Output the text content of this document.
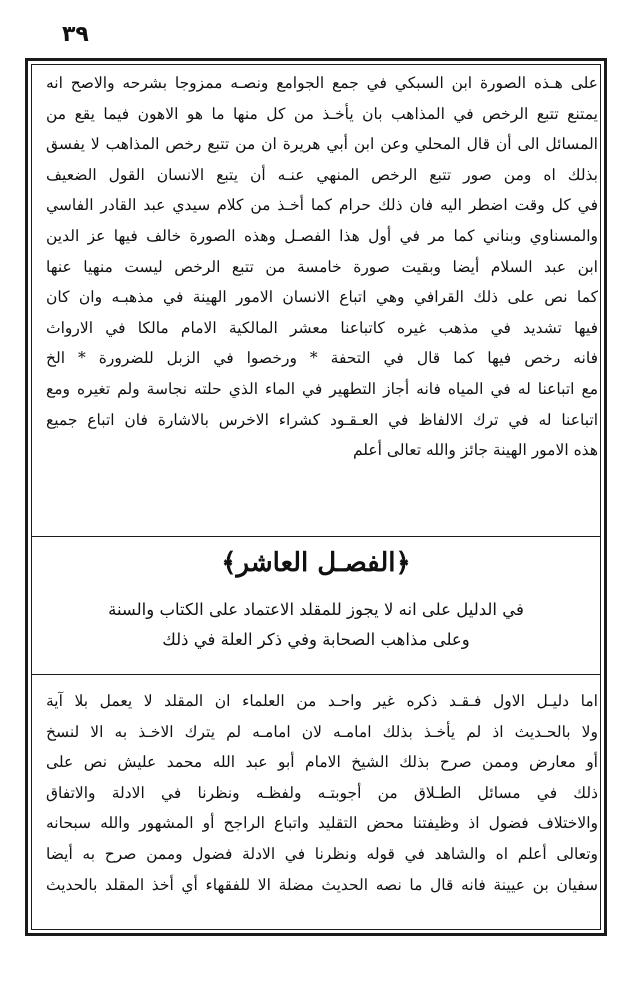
٣٩
على هـذه الصورة ابن السبكي في جمع الجوامع ونصـه ممزوجا بشرحه والاصح انه
يمتنع تتبع الرخص في المذاهب بان يأخـذ من كل منها ما هو الاهون فيما يقع من
المسائل الى أن قال المحلي وعن ابن أبي هريرة ان من تتبع رخص المذاهب لا يفسق
بذلك اه ومن صور تتبع الرخص المنهي عنـه أن يتبع الانسان القول الضعيف
في كل وقت اضطر اليه فان ذلك حرام كما أخـذ من كلام سيدي عبد القادر الفاسي
والمسناوي وبناني كما مر في أول هذا الفصـل وهذه الصورة خالف فيها عز الدين
ابن عبد السلام أيضا وبقيت صورة خامسة من تتبع الرخص ليست منهيا عنها
كما نص على ذلك القرافي وهي اتباع الانسان الامور الهينة في مذهبـه وان كان
فيها تشديد في مذهب غيره كاتباعنا معشر المالكية الامام مالكا في الارواث
فانه رخص فيها كما قال في التحفة * ورخصوا في الزبل للضرورة * الخ
مع اتباعنا له في المياه فانه أجاز التطهير في الماء الذي حلته نجاسة ولم تغيره ومع
اتباعنا له في ترك الالفاظ في العـقـود كشراء الاخرس بالاشارة فان اتباع جميع
هذه الامور الهينة جائز والله تعالى أعلم
﴿الفصـل العاشر﴾
في الدليل على انه لا يجوز للمقلد الاعتماد على الكتاب والسنة
وعلى مذاهب الصحابة وفي ذكر العلة في ذلك
اما دليـل الاول فـقـد ذكره غير واحـد من العلماء ان المقلد لا يعمل بلا آية
ولا بالحـديث اذ لم يأخـذ بذلك امامـه لان امامـه لم يترك الاخـذ به الا لنسخ
أو معارض وممن صرح بذلك الشيخ الامام أبو عبد الله محمد عليش نص على
ذلك في مسائل الطـلاق من أجوبتـه ولفظـه ونظرنا في الادلة والاتفاق
والاختلاف فضول اذ وظيفتنا محض التقليد واتباع الراجح أو المشهور والله سبحانه
وتعالى أعلم اه والشاهد في قوله ونظرنا في الادلة فضول وممن صرح به أيضا
سفيان بن عيينة فانه قال ما نصه الحديث مضلة الا للفقهاء أي أخذ المقلد بالحديث
